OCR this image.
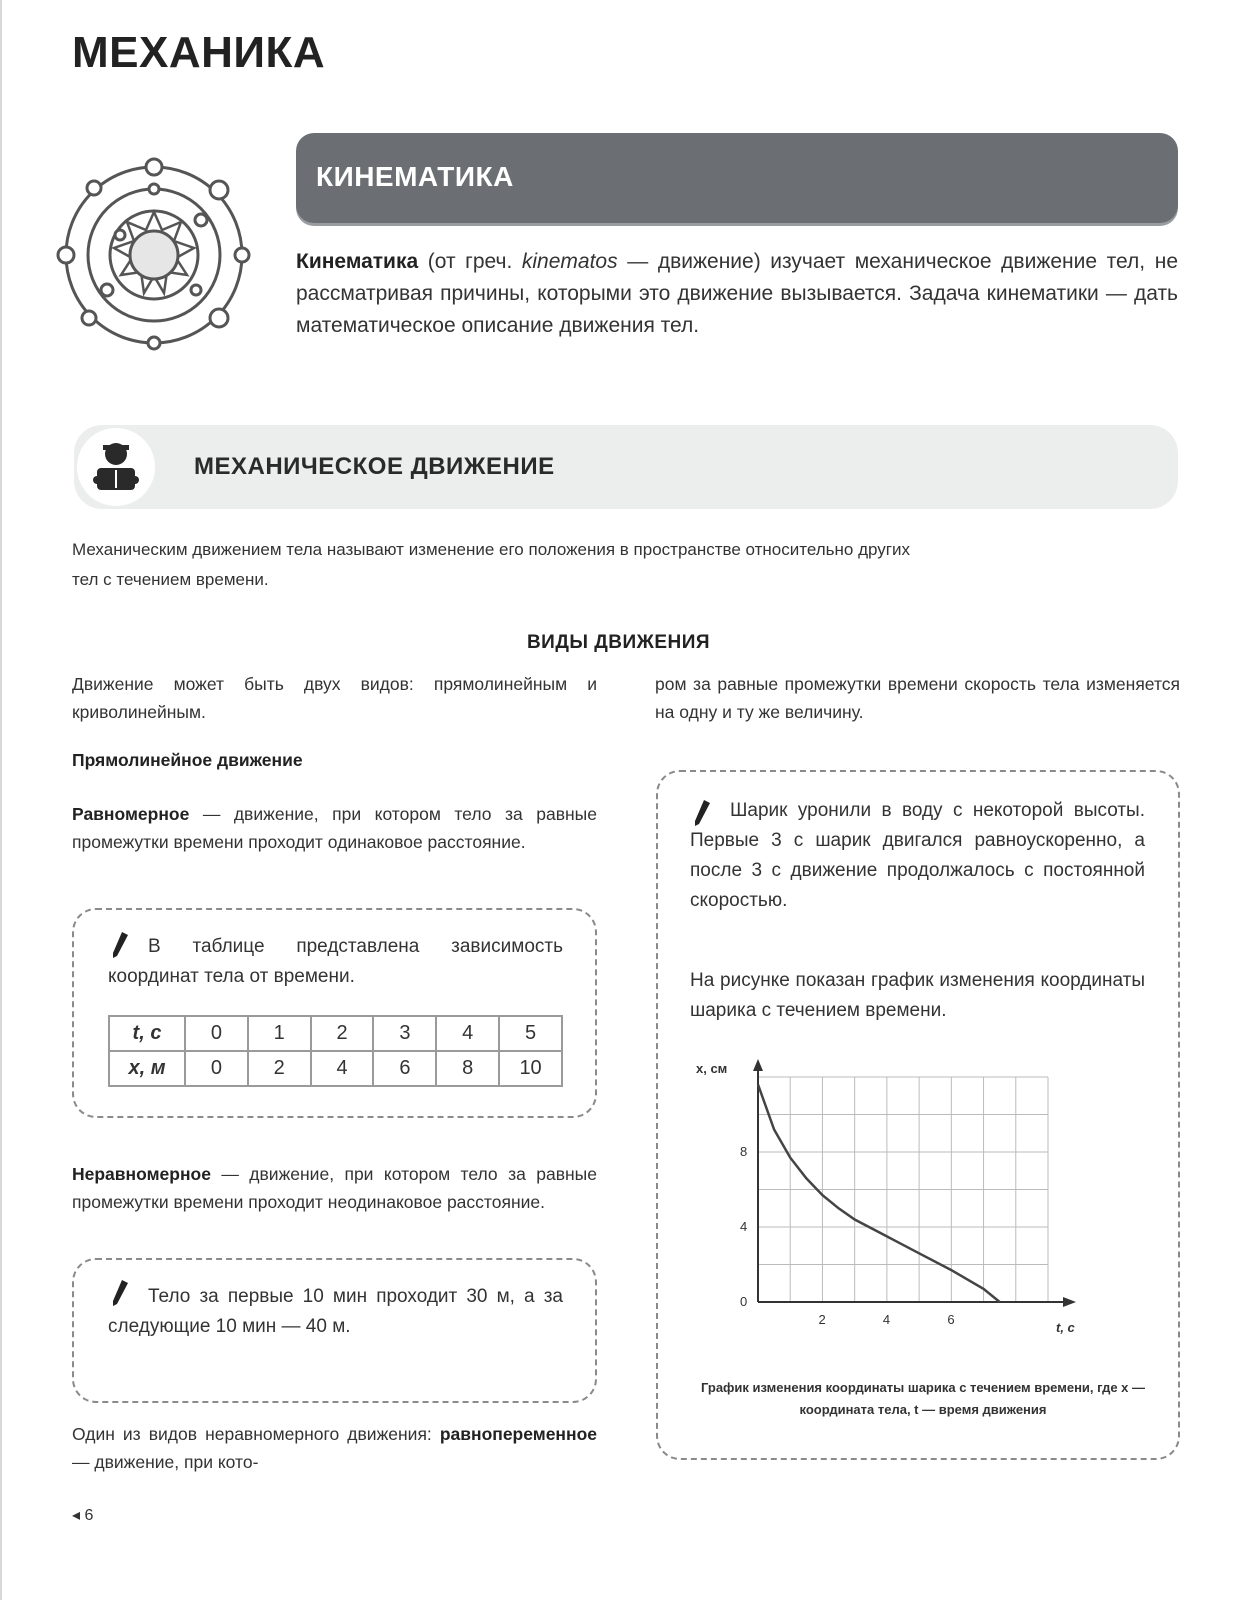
МЕХАНИКА
КИНЕМАТИКА
Кинематика (от греч. kinematos — движение) изучает механическое движение тел, не рассматривая причины, которыми это движение вызывается. Задача кинематики — дать математическое описание движения тел.
МЕХАНИЧЕСКОЕ ДВИЖЕНИЕ
Механическим движением тела называют изменение его положения в пространстве относительно других тел с течением времени.
ВИДЫ ДВИЖЕНИЯ
Движение может быть двух видов: прямолинейным и криволинейным.
Прямолинейное движение
Равномерное — движение, при котором тело за равные промежутки времени проходит одинаковое расстояние.
В таблице представлена зависимость координат тела от времени.
t, с	0	1	2	3	4	5
x, м	0	2	4	6	8	10
Неравномерное — движение, при котором тело за равные промежутки времени проходит неодинаковое расстояние.
Тело за первые 10 мин проходит 30 м, а за следующие 10 мин — 40 м.
Один из видов неравномерного движения: равнопеременное — движение, при кото-
ром за равные промежутки времени скорость тела изменяется на одну и ту же величину.
Шарик уронили в воду с некоторой высоты. Первые 3 с шарик двигался равноускоренно, а после 3 с движение продолжалось с постоянной скоростью.
На рисунке показан график изменения координаты шарика с течением времени.
x, см
t, с
2	4	6
0
4
8
График изменения координаты шарика с течением времени, где x — координата тела, t — время движения
◂ 6
